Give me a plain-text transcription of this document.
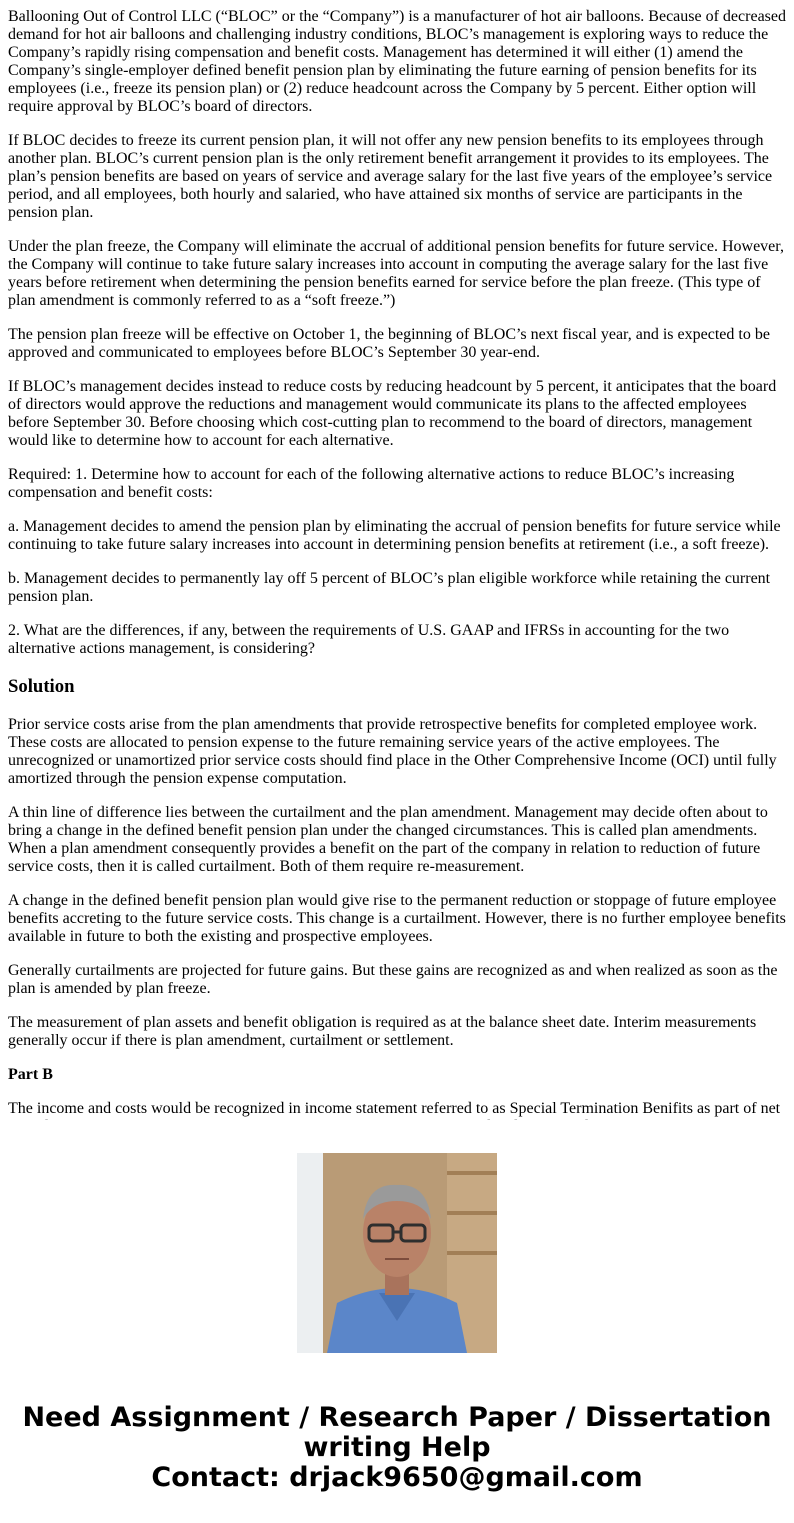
Ballooning Out of Control LLC (“BLOC” or the “Company”) is a manufacturer of hot air balloons. Because of decreased demand for hot air balloons and challenging industry conditions, BLOC’s management is exploring ways to reduce the Company’s rapidly rising compensation and benefit costs. Management has determined it will either (1) amend the Company’s single-employer defined benefit pension plan by eliminating the future earning of pension benefits for its employees (i.e., freeze its pension plan) or (2) reduce headcount across the Company by 5 percent. Either option will require approval by BLOC’s board of directors.

If BLOC decides to freeze its current pension plan, it will not offer any new pension benefits to its employees through another plan. BLOC’s current pension plan is the only retirement benefit arrangement it provides to its employees. The plan’s pension benefits are based on years of service and average salary for the last five years of the employee’s service period, and all employees, both hourly and salaried, who have attained six months of service are participants in the pension plan.

Under the plan freeze, the Company will eliminate the accrual of additional pension benefits for future service. However, the Company will continue to take future salary increases into account in computing the average salary for the last five years before retirement when determining the pension benefits earned for service before the plan freeze. (This type of plan amendment is commonly referred to as a “soft freeze.”)

The pension plan freeze will be effective on October 1, the beginning of BLOC’s next fiscal year, and is expected to be approved and communicated to employees before BLOC’s September 30 year-end.

If BLOC’s management decides instead to reduce costs by reducing headcount by 5 percent, it anticipates that the board of directors would approve the reductions and management would communicate its plans to the affected employees before September 30. Before choosing which cost-cutting plan to recommend to the board of directors, management would like to determine how to account for each alternative.

Required: 1. Determine how to account for each of the following alternative actions to reduce BLOC’s increasing compensation and benefit costs:

a. Management decides to amend the pension plan by eliminating the accrual of pension benefits for future service while continuing to take future salary increases into account in determining pension benefits at retirement (i.e., a soft freeze).

b. Management decides to permanently lay off 5 percent of BLOC’s plan eligible workforce while retaining the current pension plan.

2. What are the differences, if any, between the requirements of U.S. GAAP and IFRSs in accounting for the two alternative actions management, is considering?

Solution

Prior service costs arise from the plan amendments that provide retrospective benefits for completed employee work. These costs are allocated to pension expense to the future remaining service years of the active employees. The unrecognized or unamortized prior service costs should find place in the Other Comprehensive Income (OCI) until fully amortized through the pension expense computation.

A thin line of difference lies between the curtailment and the plan amendment. Management may decide often about to bring a change in the defined benefit pension plan under the changed circumstances. This is called plan amendments. When a plan amendment consequently provides a benefit on the part of the company in relation to reduction of future service costs, then it is called curtailment. Both of them require re-measurement.

A change in the defined benefit pension plan would give rise to the permanent reduction or stoppage of future employee benefits accreting to the future service costs. This change is a curtailment. However, there is no further employee benefits available in future to both the existing and prospective employees.

Generally curtailments are projected for future gains. But these gains are recognized as and when realized as soon as the plan is amended by plan freeze.

The measurement of plan assets and benefit obligation is required as at the balance sheet date. Interim measurements generally occur if there is plan amendment, curtailment or settlement.

Part B

The income and costs would be recognized in income statement referred to as Special Termination Benifits as part of net

Need Assignment / Research Paper / Dissertation
writing Help
Contact: drjack9650@gmail.com
